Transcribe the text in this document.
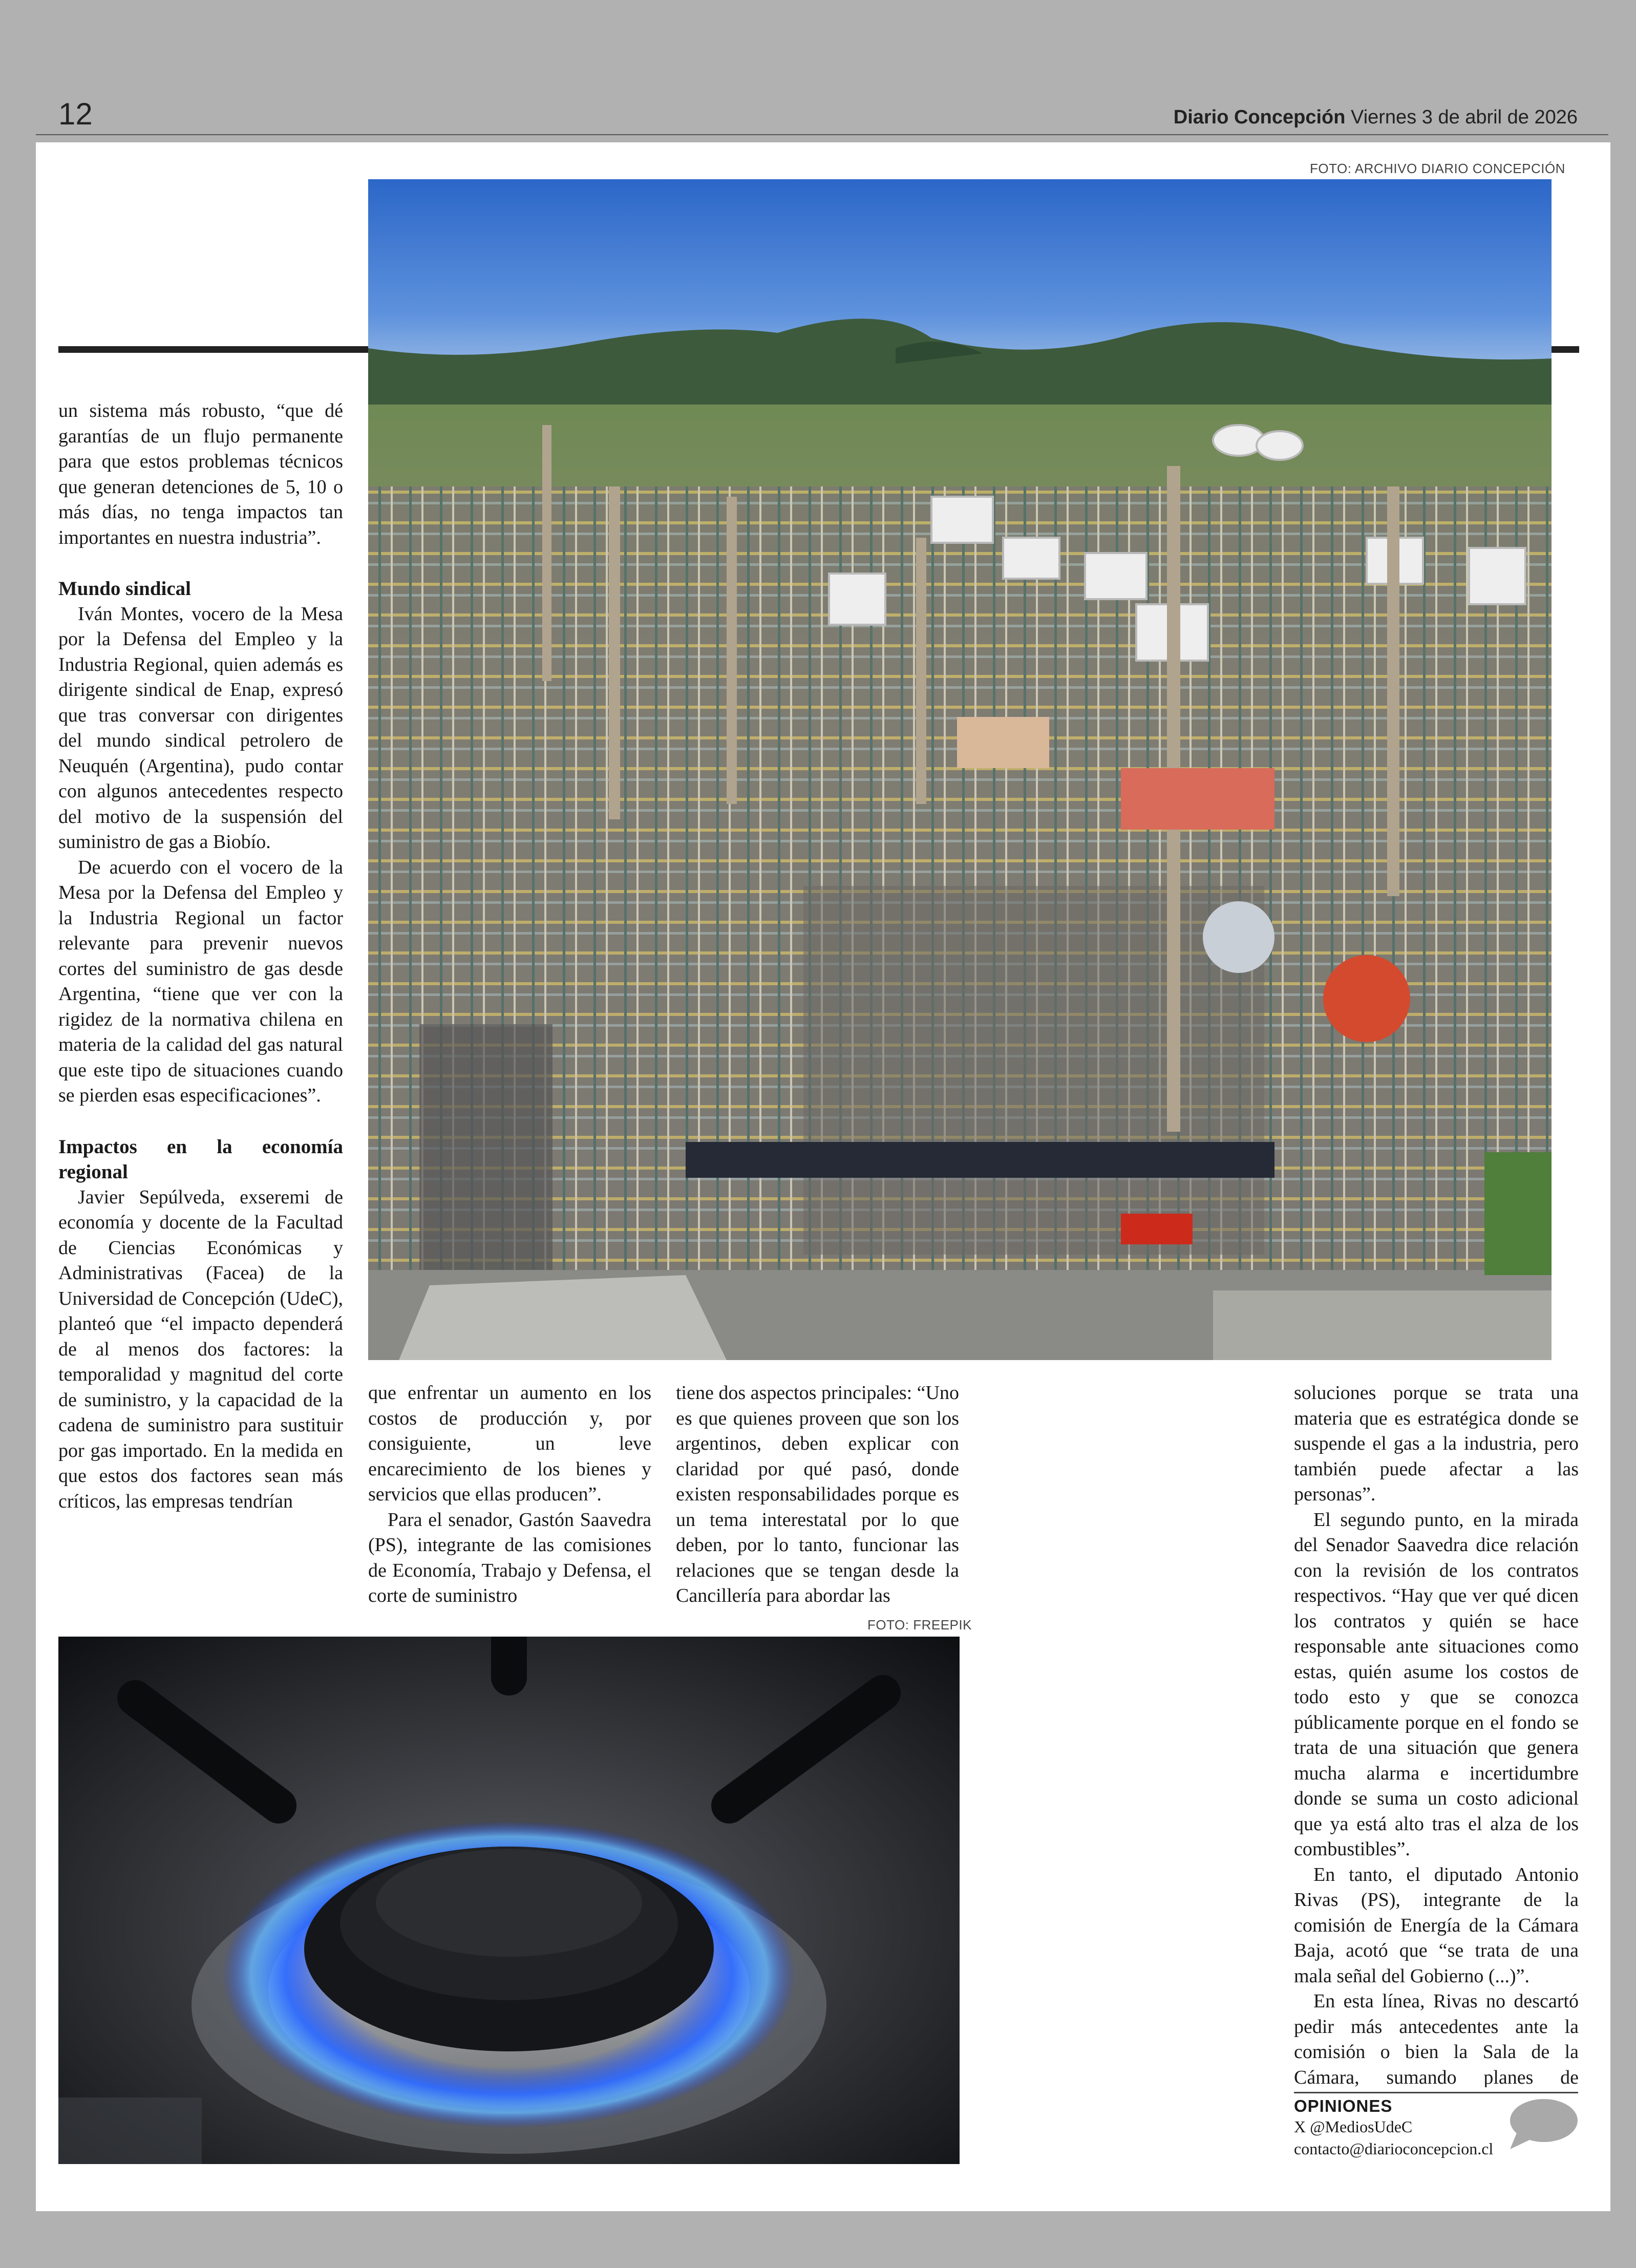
12	Diario Concepción Viernes 3 de abril de 2026
FOTO: ARCHIVO DIARIO CONCEPCIÓN

un sistema más robusto, “que dé garantías de un flujo permanente para que estos problemas técnicos que generan detenciones de 5, 10 o más días, no tenga impactos tan importantes en nuestra industria”.

Mundo sindical

Iván Montes, vocero de la Mesa por la Defensa del Empleo y la Industria Regional, quien además es dirigente sindical de Enap, expresó que tras conversar con dirigentes del mundo sindical petrolero de Neuquén (Argentina), pudo contar con algunos antecedentes respecto del motivo de la suspensión del suministro de gas a Biobío.

De acuerdo con el vocero de la Mesa por la Defensa del Empleo y la Industria Regional un factor relevante para prevenir nuevos cortes del suministro de gas desde Argentina, “tiene que ver con la rigidez de la normativa chilena en materia de la calidad del gas natural que este tipo de situaciones cuando se pierden esas especificaciones”.

Impactos en la economía regional

Javier Sepúlveda, exseremi de economía y docente de la Facultad de Ciencias Económicas y Administrativas (Facea) de la Universidad de Concepción (UdeC), planteó que “el impacto dependerá de al menos dos factores: la temporalidad y magnitud del corte de suministro, y la capacidad de la cadena de suministro para sustituir por gas importado. En la medida en que estos dos factores sean más críticos, las empresas tendrían

que enfrentar un aumento en los costos de producción y, por consiguiente, un leve encarecimiento de los bienes y servicios que ellas producen”.

Para el senador, Gastón Saavedra (PS), integrante de las comisiones de Economía, Trabajo y Defensa, el corte de suministro

tiene dos aspectos principales: “Uno es que quienes proveen que son los argentinos, deben explicar con claridad por qué pasó, donde existen responsabilidades porque es un tema interestatal por lo que deben, por lo tanto, funcionar las relaciones que se tengan desde la Cancillería para abordar las

FOTO: FREEPIK

soluciones porque se trata una materia que es estratégica donde se suspende el gas a la industria, pero también puede afectar a las personas”.

El segundo punto, en la mirada del Senador Saavedra dice relación con la revisión de los contratos respectivos. “Hay que ver qué dicen los contratos y quién se hace responsable ante situaciones como estas, quién asume los costos de todo esto y que se conozca públicamente porque en el fondo se trata de una situación que genera mucha alarma e incertidumbre donde se suma un costo adicional que ya está alto tras el alza de los combustibles”.

En tanto, el diputado Antonio Rivas (PS), integrante de la comisión de Energía de la Cámara Baja, acotó que “se trata de una mala señal del Gobierno (...)”.

En esta línea, Rivas no descartó pedir más antecedentes ante la comisión o bien la Sala de la Cámara, sumando planes de

OPINIONES
X @MediosUdeC
contacto@diarioconcepcion.cl
